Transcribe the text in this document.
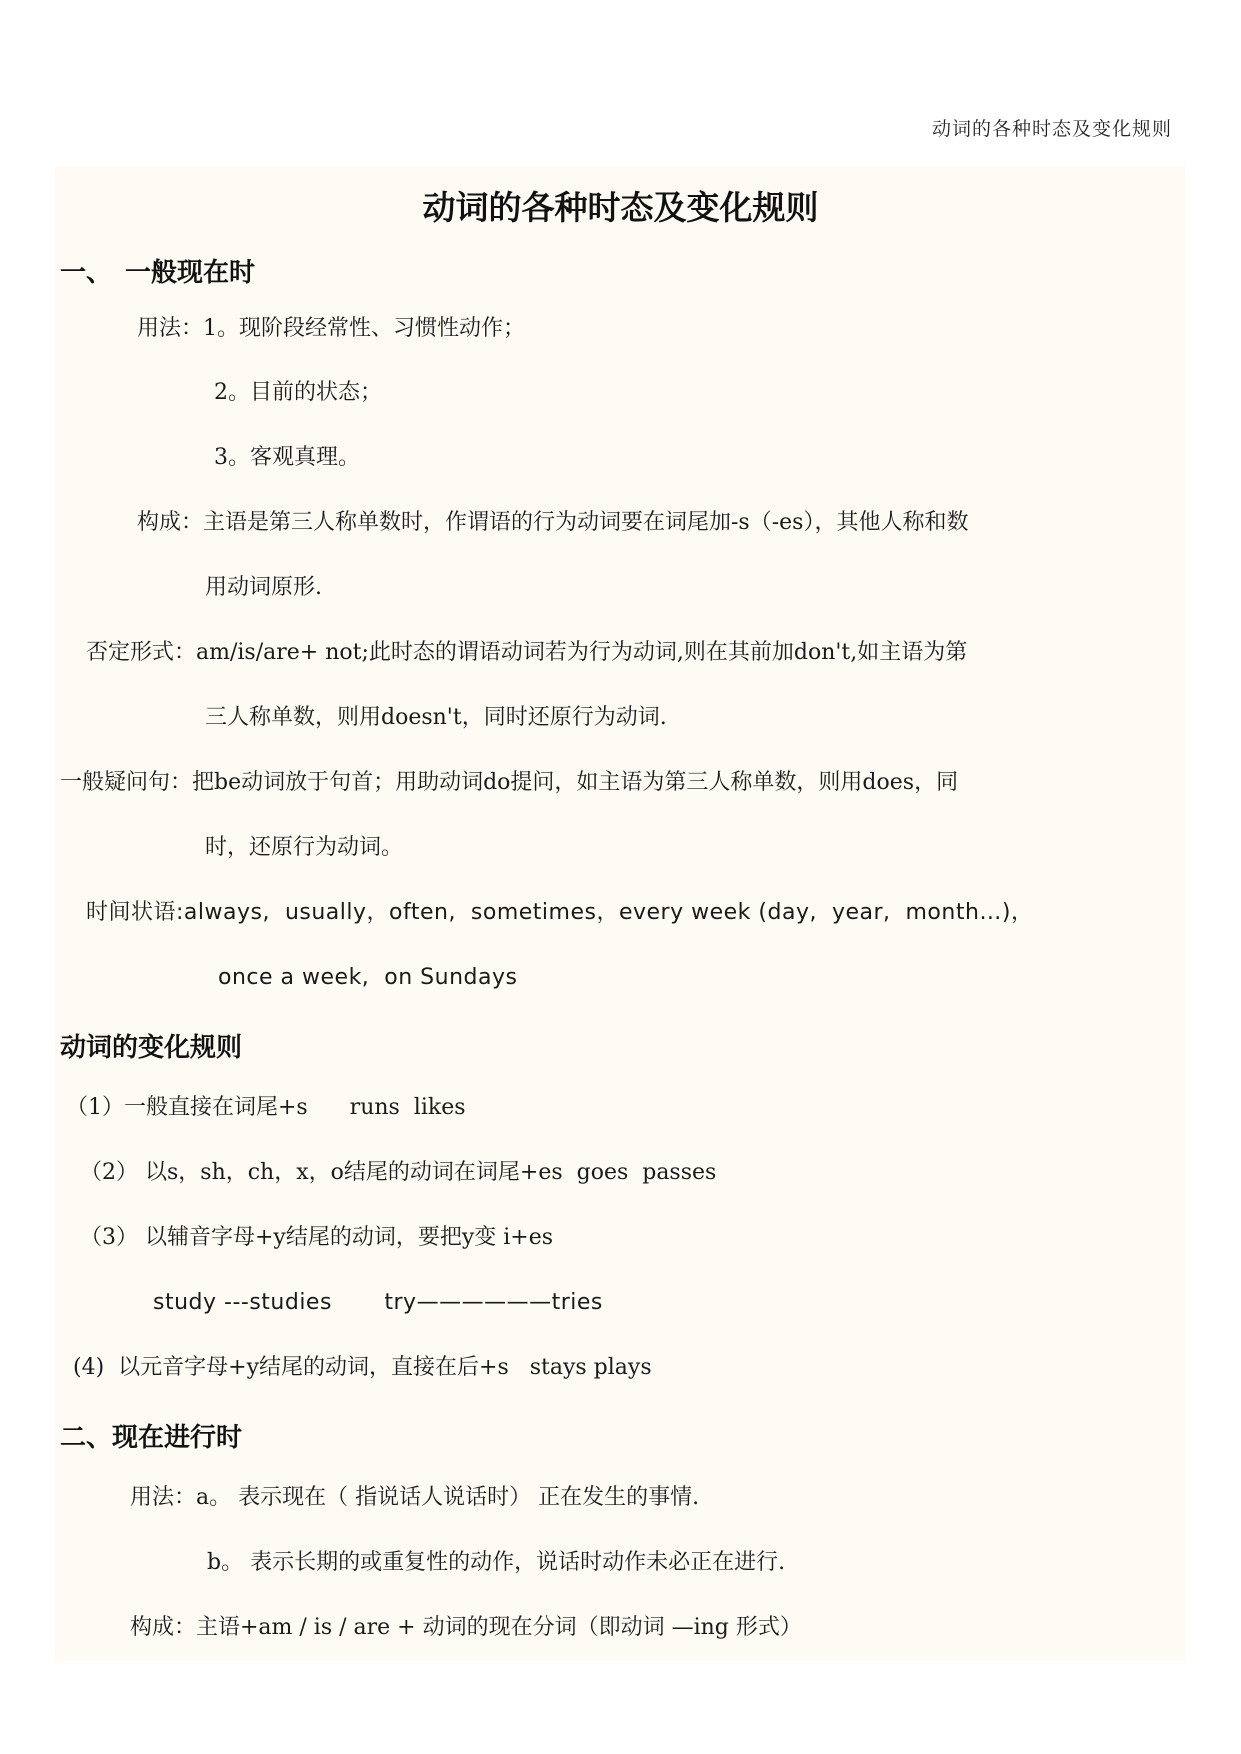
动词的各种时态及变化规则
动词的各种时态及变化规则
一、　一般现在时
用法：1。现阶段经常性、习惯性动作；
2。目前的状态；
3。客观真理。
构成：主语是第三人称单数时，作谓语的行为动词要在词尾加-s（-es），其他人称和数
用动词原形.
否定形式：am/is/are+ not;此时态的谓语动词若为行为动词,则在其前加don't,如主语为第
三人称单数，则用doesn't，同时还原行为动词.
一般疑问句：把be动词放于句首；用助动词do提问，如主语为第三人称单数，则用does，同
时，还原行为动词。
时间状语:always,  usually，often,  sometimes，every week (day,  year,  month…)，
once a week,  on Sundays
动词的变化规则
（1）一般直接在词尾+s      runs  likes
（2） 以s，sh，ch，x，o结尾的动词在词尾+es  goes  passes
（3） 以辅音字母+y结尾的动词，要把y变 i+es
study ---studies       try——————tries
(4)  以元音字母+y结尾的动词，直接在后+s   stays plays
二、现在进行时
用法：a。 表示现在（ 指说话人说话时） 正在发生的事情.
b。 表示长期的或重复性的动作，说话时动作未必正在进行.
构成：主语+am / is / are + 动词的现在分词（即动词 —ing 形式）
